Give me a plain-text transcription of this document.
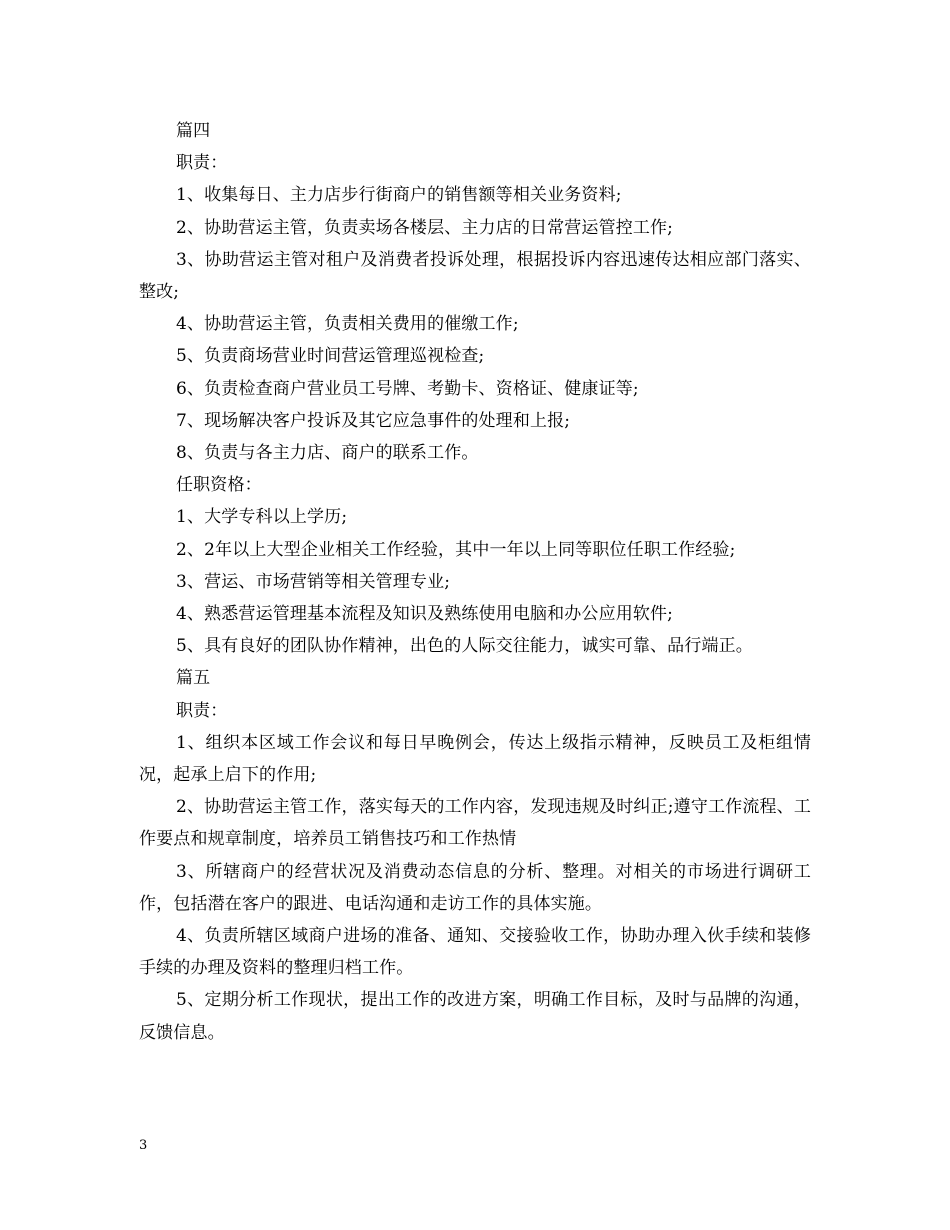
篇四

职责：

1、收集每日、主力店步行街商户的销售额等相关业务资料;

2、协助营运主管，负责卖场各楼层、主力店的日常营运管控工作;

3、协助营运主管对租户及消费者投诉处理，根据投诉内容迅速传达相应部门落实、整改;

4、协助营运主管，负责相关费用的催缴工作;

5、负责商场营业时间营运管理巡视检查;

6、负责检查商户营业员工号牌、考勤卡、资格证、健康证等;

7、现场解决客户投诉及其它应急事件的处理和上报;

8、负责与各主力店、商户的联系工作。

任职资格：

1、大学专科以上学历;

2、2年以上大型企业相关工作经验，其中一年以上同等职位任职工作经验;

3、营运、市场营销等相关管理专业;

4、熟悉营运管理基本流程及知识及熟练使用电脑和办公应用软件;

5、具有良好的团队协作精神，出色的人际交往能力，诚实可靠、品行端正。

篇五

职责：

1、组织本区域工作会议和每日早晚例会，传达上级指示精神，反映员工及柜组情况，起承上启下的作用;

2、协助营运主管工作，落实每天的工作内容，发现违规及时纠正;遵守工作流程、工作要点和规章制度，培养员工销售技巧和工作热情

3、所辖商户的经营状况及消费动态信息的分析、整理。对相关的市场进行调研工作，包括潜在客户的跟进、电话沟通和走访工作的具体实施。

4、负责所辖区域商户进场的准备、通知、交接验收工作，协助办理入伙手续和装修手续的办理及资料的整理归档工作。

5、定期分析工作现状，提出工作的改进方案，明确工作目标，及时与品牌的沟通，反馈信息。

3
